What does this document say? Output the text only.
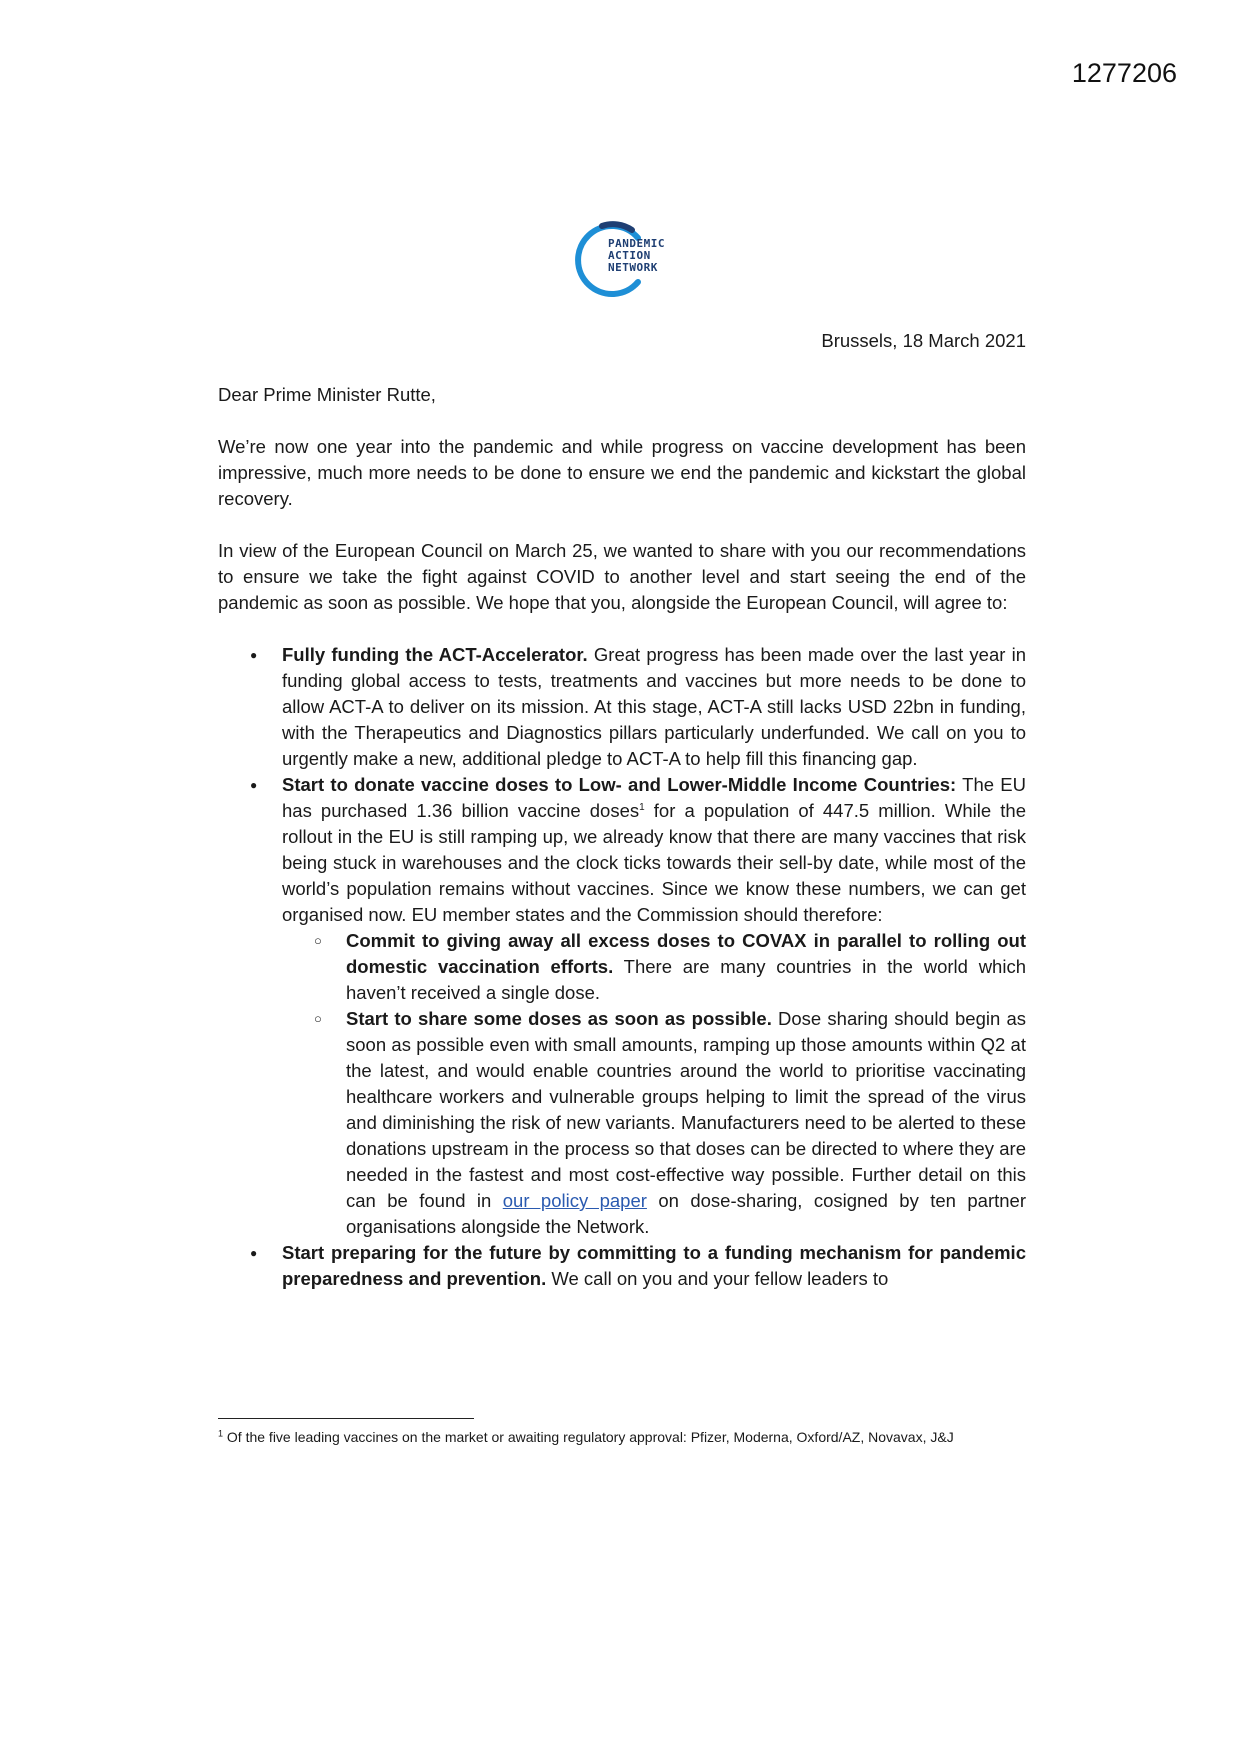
1277206
PANDEMIC
ACTION
NETWORK
Brussels, 18 March 2021

Dear Prime Minister Rutte,

We’re now one year into the pandemic and while progress on vaccine development has been impressive, much more needs to be done to ensure we end the pandemic and kickstart the global recovery.

In view of the European Council on March 25, we wanted to share with you our recommendations to ensure we take the fight against COVID to another level and start seeing the end of the pandemic as soon as possible. We hope that you, alongside the European Council, will agree to:

● Fully funding the ACT-Accelerator. Great progress has been made over the last year in funding global access to tests, treatments and vaccines but more needs to be done to allow ACT-A to deliver on its mission. At this stage, ACT-A still lacks USD 22bn in funding, with the Therapeutics and Diagnostics pillars particularly underfunded. We call on you to urgently make a new, additional pledge to ACT-A to help fill this financing gap.
● Start to donate vaccine doses to Low- and Lower-Middle Income Countries: The EU has purchased 1.36 billion vaccine doses$^1$ for a population of 447.5 million. While the rollout in the EU is still ramping up, we already know that there are many vaccines that risk being stuck in warehouses and the clock ticks towards their sell-by date, while most of the world’s population remains without vaccines. Since we know these numbers, we can get organised now. EU member states and the Commission should therefore:
○ Commit to giving away all excess doses to COVAX in parallel to rolling out domestic vaccination efforts. There are many countries in the world which haven’t received a single dose.
○ Start to share some doses as soon as possible. Dose sharing should begin as soon as possible even with small amounts, ramping up those amounts within Q2 at the latest, and would enable countries around the world to prioritise vaccinating healthcare workers and vulnerable groups helping to limit the spread of the virus and diminishing the risk of new variants. Manufacturers need to be alerted to these donations upstream in the process so that doses can be directed to where they are needed in the fastest and most cost-effective way possible. Further detail on this can be found in our policy paper on dose-sharing, cosigned by ten partner organisations alongside the Network.
● Start preparing for the future by committing to a funding mechanism for pandemic preparedness and prevention. We call on you and your fellow leaders to
$^1$ Of the five leading vaccines on the market or awaiting regulatory approval: Pfizer, Moderna, Oxford/AZ, Novavax, J&J
